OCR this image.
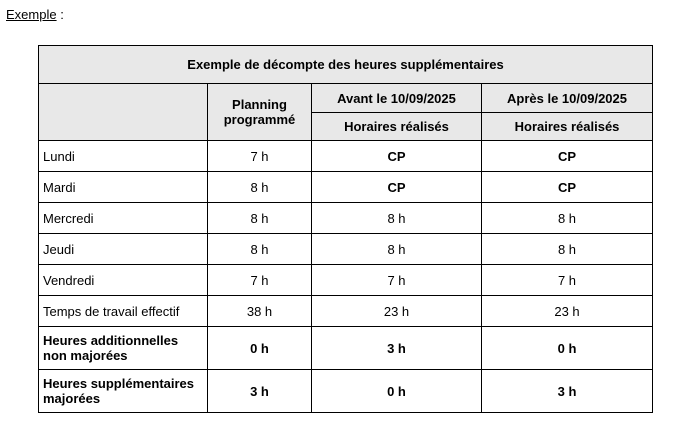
Exemple :
Exemple de décompte des heures supplémentaires			
	Planning programmé	Avant le 10/09/2025	Après le 10/09/2025
		Horaires réalisés	Horaires réalisés
Lundi	7 h	CP	CP
Mardi	8 h	CP	CP
Mercredi	8 h	8 h	8 h
Jeudi	8 h	8 h	8 h
Vendredi	7 h	7 h	7 h
Temps de travail effectif	38 h	23 h	23 h
Heures additionnelles non majorées	0 h	3 h	0 h
Heures supplémentaires majorées	3 h	0 h	3 h
